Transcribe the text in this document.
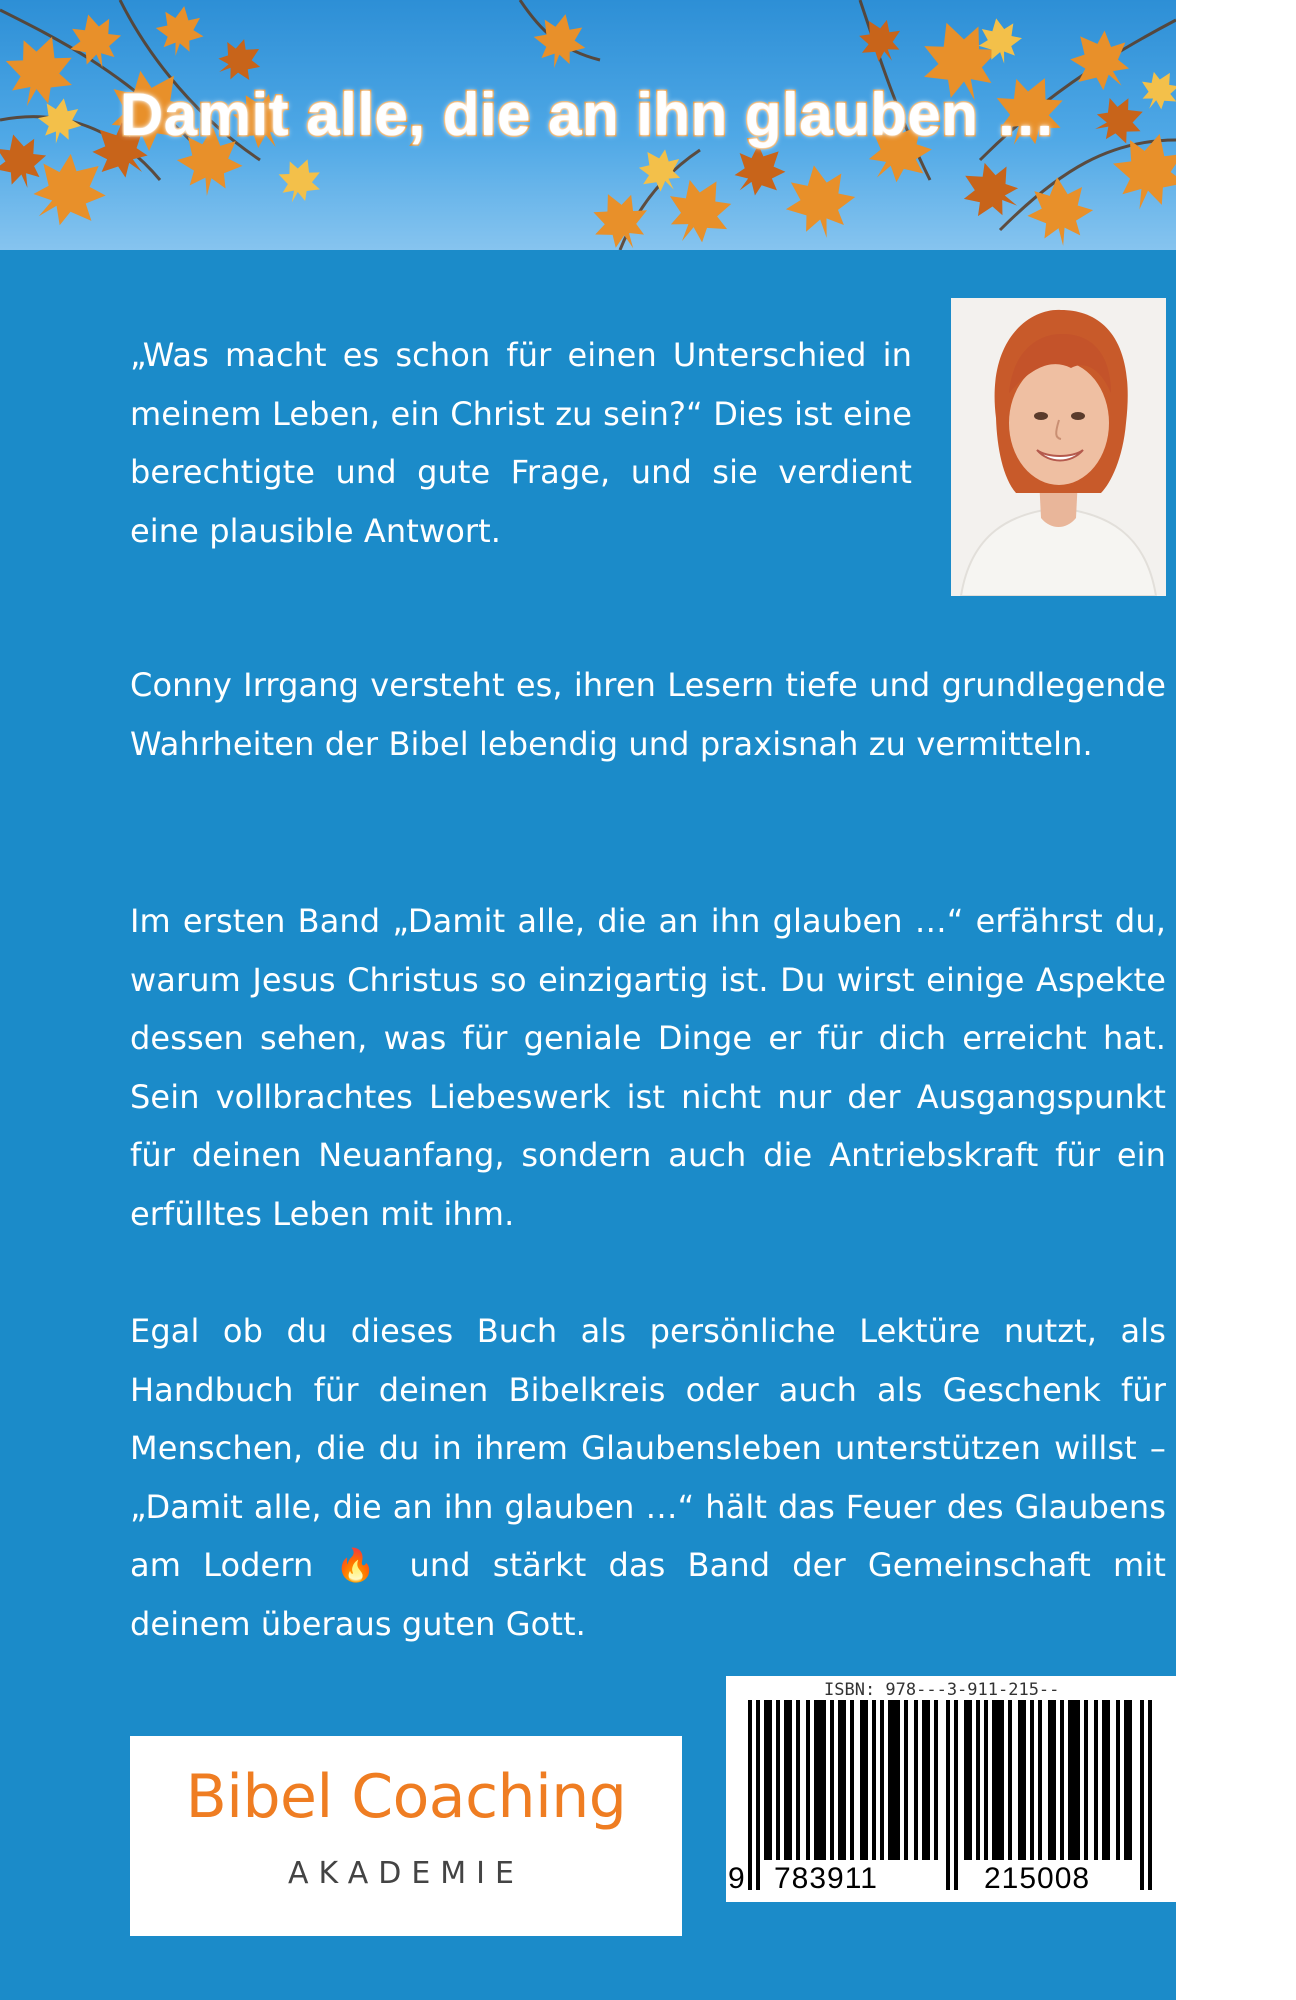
Damit alle, die an ihn glauben …

„Was macht es schon für einen Unterschied in meinem Leben, ein Christ zu sein?“ Dies ist eine berechtigte und gute Frage, und sie verdient eine plausible Antwort.

Conny Irrgang versteht es, ihren Lesern tiefe und grundlegende Wahrheiten der Bibel lebendig und praxisnah zu vermitteln.

Im ersten Band „Damit alle, die an ihn glauben …“ erfährst du, warum Jesus Christus so einzigartig ist. Du wirst einige Aspekte dessen sehen, was für geniale Dinge er für dich erreicht hat. Sein vollbrachtes Liebeswerk ist nicht nur der Ausgangspunkt für deinen Neuanfang, sondern auch die Antriebskraft für ein erfülltes Leben mit ihm.

Egal ob du dieses Buch als persönliche Lektüre nutzt, als Handbuch für deinen Bibelkreis oder auch als Geschenk für Menschen, die du in ihrem Glaubensleben unterstützen willst – „Damit alle, die an ihn glauben …“ hält das Feuer des Glaubens am Lodern 🔥 und stärkt das Band der Gemeinschaft mit deinem überaus guten Gott.

Bibel Coaching
AKADEMIE
ISBN: 978---3-911-215--
9 783911	215008
